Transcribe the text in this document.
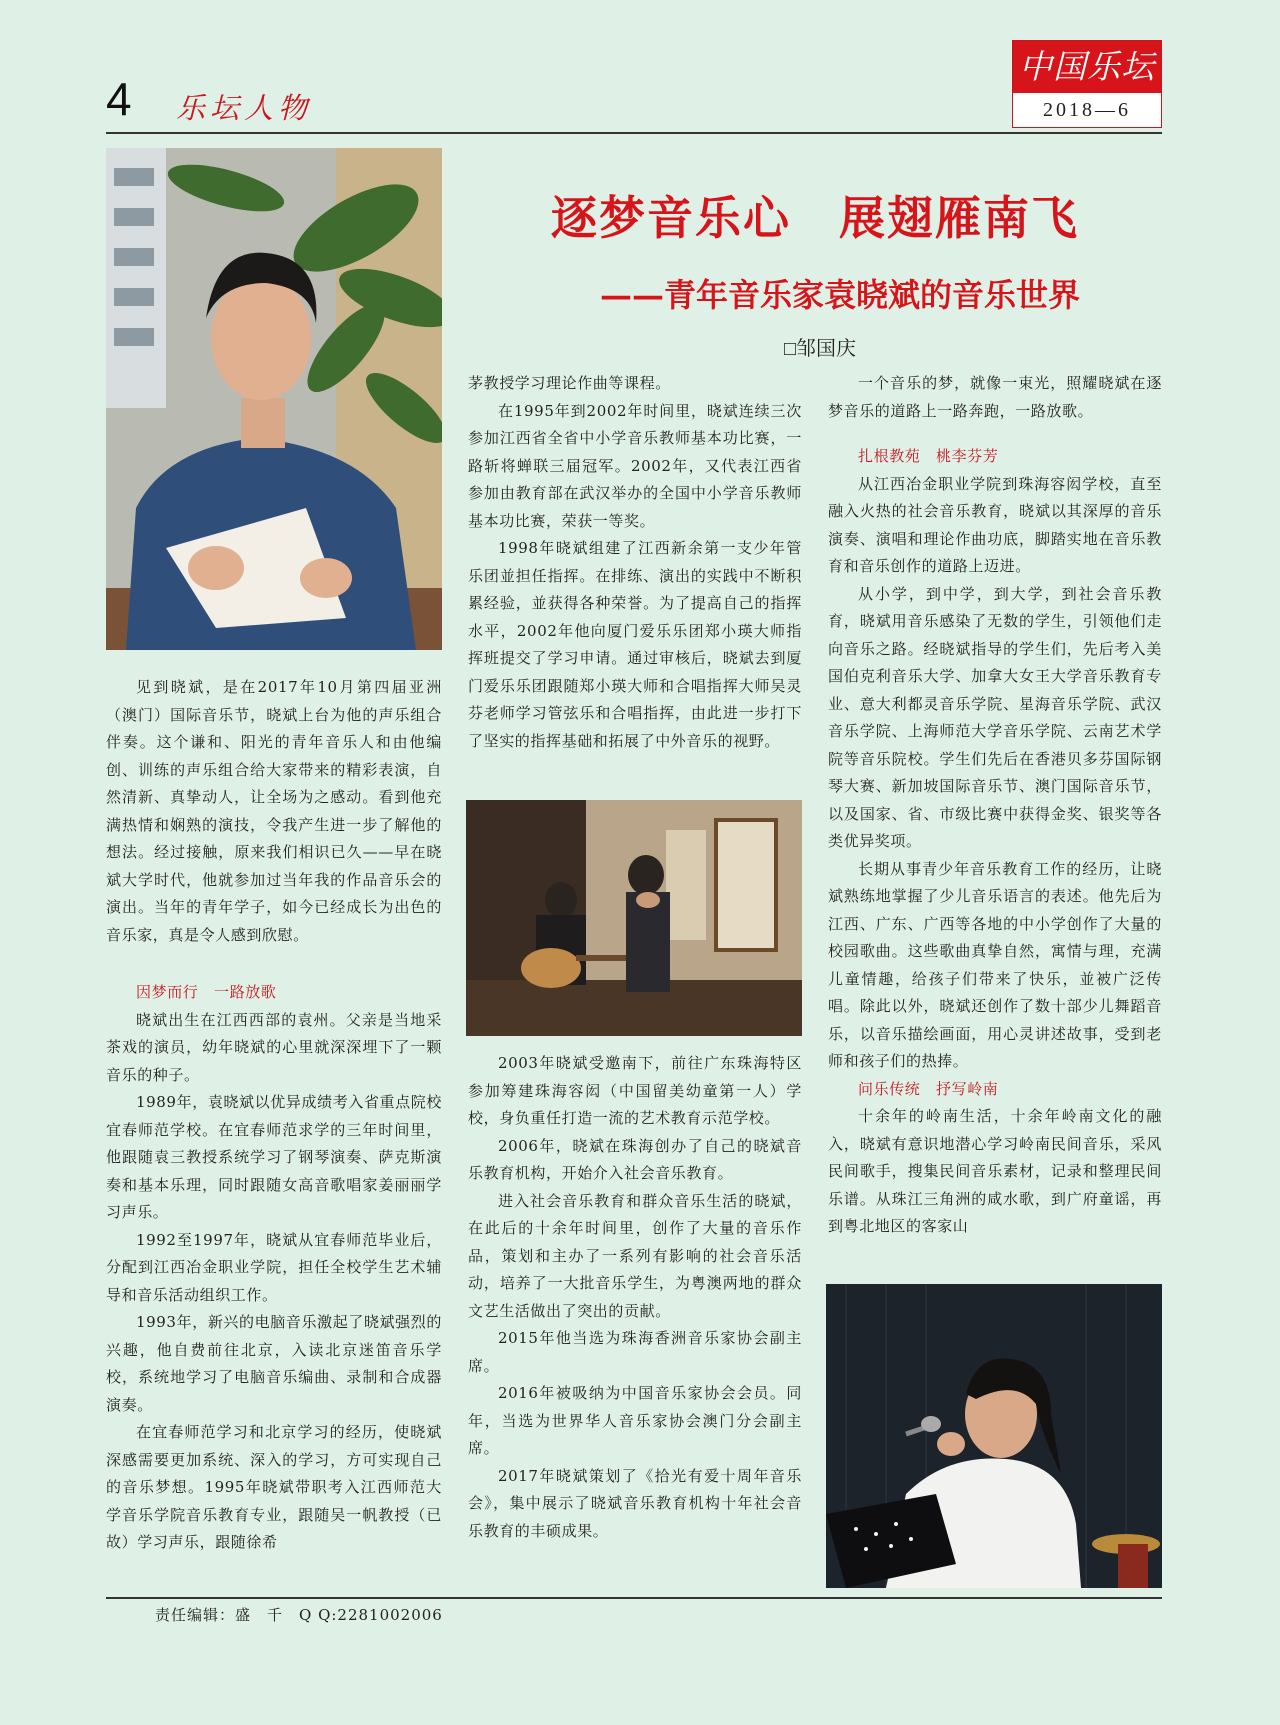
4 乐坛人物
中国乐坛
2018—6
逐梦音乐心　展翅雁南飞
——青年音乐家袁晓斌的音乐世界
□邹国庆

见到晓斌，是在2017年10月第四届亚洲（澳门）国际音乐节，晓斌上台为他的声乐组合伴奏。这个谦和、阳光的青年音乐人和由他编创、训练的声乐组合给大家带来的精彩表演，自然清新、真挚动人，让全场为之感动。看到他充满热情和娴熟的演技，令我产生进一步了解他的想法。经过接触，原来我们相识已久——早在晓斌大学时代，他就参加过当年我的作品音乐会的演出。当年的青年学子，如今已经成长为出色的音乐家，真是令人感到欣慰。

因梦而行　一路放歌

晓斌出生在江西西部的袁州。父亲是当地采茶戏的演员，幼年晓斌的心里就深深埋下了一颗音乐的种子。

1989年，袁晓斌以优异成绩考入省重点院校宜春师范学校。在宜春师范求学的三年时间里，他跟随袁三教授系统学习了钢琴演奏、萨克斯演奏和基本乐理，同时跟随女高音歌唱家姜丽丽学习声乐。

1992至1997年，晓斌从宜春师范毕业后，分配到江西冶金职业学院，担任全校学生艺术辅导和音乐活动组织工作。

1993年，新兴的电脑音乐激起了晓斌强烈的兴趣，他自费前往北京，入读北京迷笛音乐学校，系统地学习了电脑音乐编曲、录制和合成器演奏。

在宜春师范学习和北京学习的经历，使晓斌深感需要更加系统、深入的学习，方可实现自己的音乐梦想。1995年晓斌带职考入江西师范大学音乐学院音乐教育专业，跟随吴一帆教授（已故）学习声乐，跟随徐希

茅教授学习理论作曲等课程。

在1995年到2002年时间里，晓斌连续三次参加江西省全省中小学音乐教师基本功比赛，一路斩将蝉联三届冠军。2002年，又代表江西省参加由教育部在武汉举办的全国中小学音乐教师基本功比赛，荣获一等奖。

1998年晓斌组建了江西新余第一支少年管乐团並担任指挥。在排练、演出的实践中不断积累经验，並获得各种荣誉。为了提高自己的指挥水平，2002年他向厦门爱乐乐团郑小瑛大师指挥班提交了学习申请。通过审核后，晓斌去到厦门爱乐乐团跟随郑小瑛大师和合唱指挥大师吴灵芬老师学习管弦乐和合唱指挥，由此进一步打下了坚实的指挥基础和拓展了中外音乐的视野。

2003年晓斌受邀南下，前往广东珠海特区参加筹建珠海容闳（中国留美幼童第一人）学校，身负重任打造一流的艺术教育示范学校。

2006年，晓斌在珠海创办了自己的晓斌音乐教育机构，开始介入社会音乐教育。

进入社会音乐教育和群众音乐生活的晓斌，在此后的十余年时间里，创作了大量的音乐作品，策划和主办了一系列有影响的社会音乐活动，培养了一大批音乐学生，为粤澳两地的群众文艺生活做出了突出的贡献。

2015年他当选为珠海香洲音乐家协会副主席。

2016年被吸纳为中国音乐家协会会员。同年，当选为世界华人音乐家协会澳门分会副主席。

2017年晓斌策划了《拾光有爱十周年音乐会》，集中展示了晓斌音乐教育机构十年社会音乐教育的丰硕成果。

一个音乐的梦，就像一束光，照耀晓斌在逐梦音乐的道路上一路奔跑，一路放歌。

扎根教苑　桃李芬芳

从江西冶金职业学院到珠海容闳学校，直至融入火热的社会音乐教育，晓斌以其深厚的音乐演奏、演唱和理论作曲功底，脚踏实地在音乐教育和音乐创作的道路上迈进。

从小学，到中学，到大学，到社会音乐教育，晓斌用音乐感染了无数的学生，引领他们走向音乐之路。经晓斌指导的学生们，先后考入美国伯克利音乐大学、加拿大女王大学音乐教育专业、意大利都灵音乐学院、星海音乐学院、武汉音乐学院、上海师范大学音乐学院、云南艺术学院等音乐院校。学生们先后在香港贝多芬国际钢琴大赛、新加坡国际音乐节、澳门国际音乐节，以及国家、省、市级比赛中获得金奖、银奖等各类优异奖项。

长期从事青少年音乐教育工作的经历，让晓斌熟练地掌握了少儿音乐语言的表述。他先后为江西、广东、广西等各地的中小学创作了大量的校园歌曲。这些歌曲真挚自然，寓情与理，充满儿童情趣，给孩子们带来了快乐，並被广泛传唱。除此以外，晓斌还创作了数十部少儿舞蹈音乐，以音乐描绘画面，用心灵讲述故事，受到老师和孩子们的热捧。

问乐传统　抒写岭南

十余年的岭南生活，十余年岭南文化的融入，晓斌有意识地潜心学习岭南民间音乐，采风民间歌手，搜集民间音乐素材，记录和整理民间乐谱。从珠江三角洲的咸水歌，到广府童谣，再到粤北地区的客家山

责任编辑：盛　千　Q Q:2281002006
